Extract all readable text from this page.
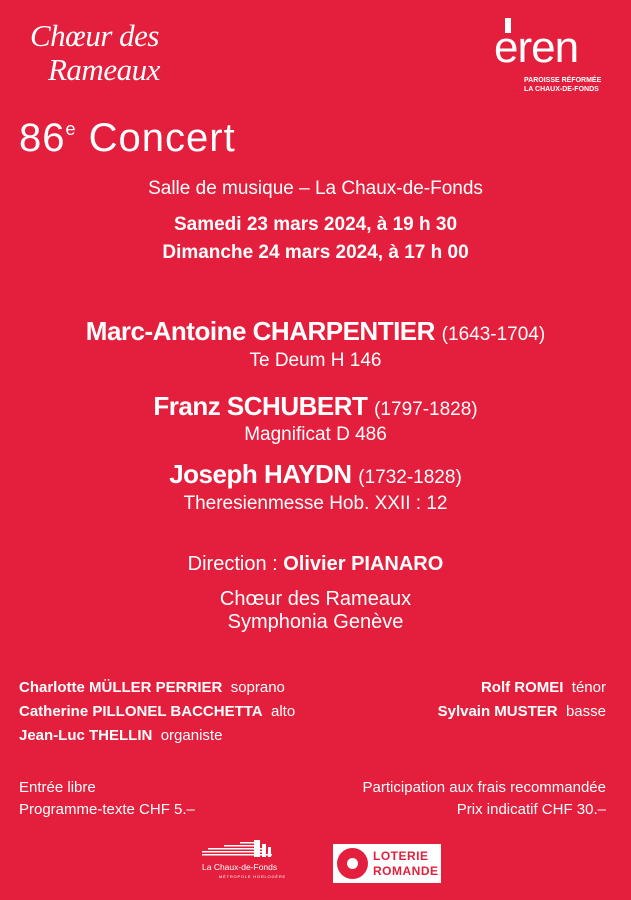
Chœur des
Rameaux	eren
PAROISSE RÉFORMÉE
LA CHAUX-DE-FONDS
86e Concert
Salle de musique – La Chaux-de-Fonds
Samedi 23 mars 2024, à 19 h 30
Dimanche 24 mars 2024, à 17 h 00
Marc-Antoine CHARPENTIER (1643-1704)
Te Deum H 146
Franz SCHUBERT (1797-1828)
Magnificat D 486
Joseph HAYDN (1732-1828)
Theresienmesse Hob. XXII : 12
Direction : Olivier PIANARO
Chœur des Rameaux
Symphonia Genève
Charlotte MÜLLER PERRIER soprano
Catherine PILLONEL BACCHETTA alto
Jean-Luc THELLIN organiste
Rolf ROMEI ténor
Sylvain MUSTER basse
Entrée libre
Programme-texte CHF 5.–
Participation aux frais recommandée
Prix indicatif CHF 30.–
La Chaux-de-Fonds
MÉTROPOLE HORLOGÈRE
LOTERIE
ROMANDE
